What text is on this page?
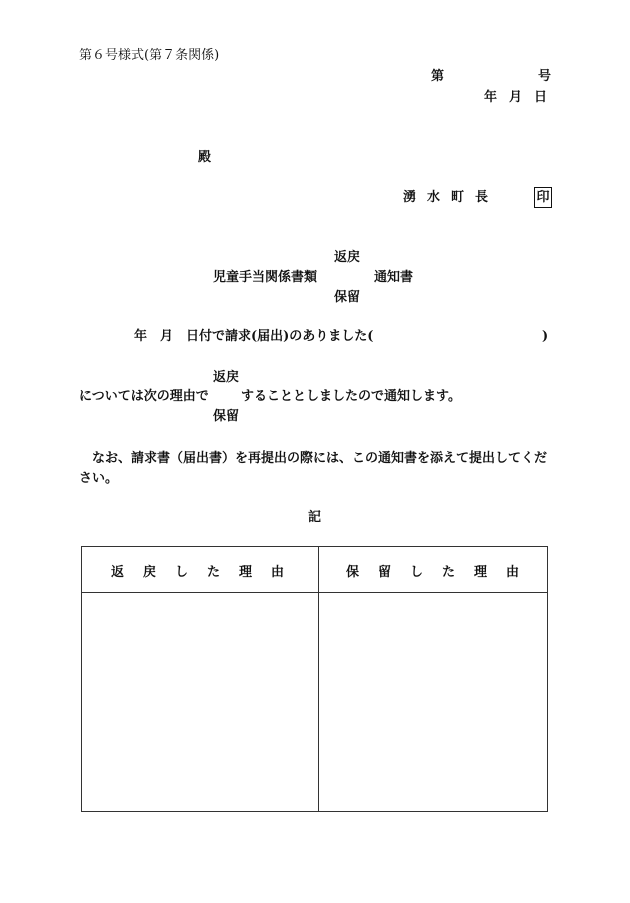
第６号様式(第７条関係)
第	号
年 月 日
殿
湧水町長	印
返戻
児童手当関係書類	通知書
保留
年　月　日付で請求(届出)のありました(	)
返戻
については次の理由で することとしましたので通知します。
保留
なお、請求書（届出書）を再提出の際には、この通知書を添えて提出してください。
記
返戻した理由	保留した理由
